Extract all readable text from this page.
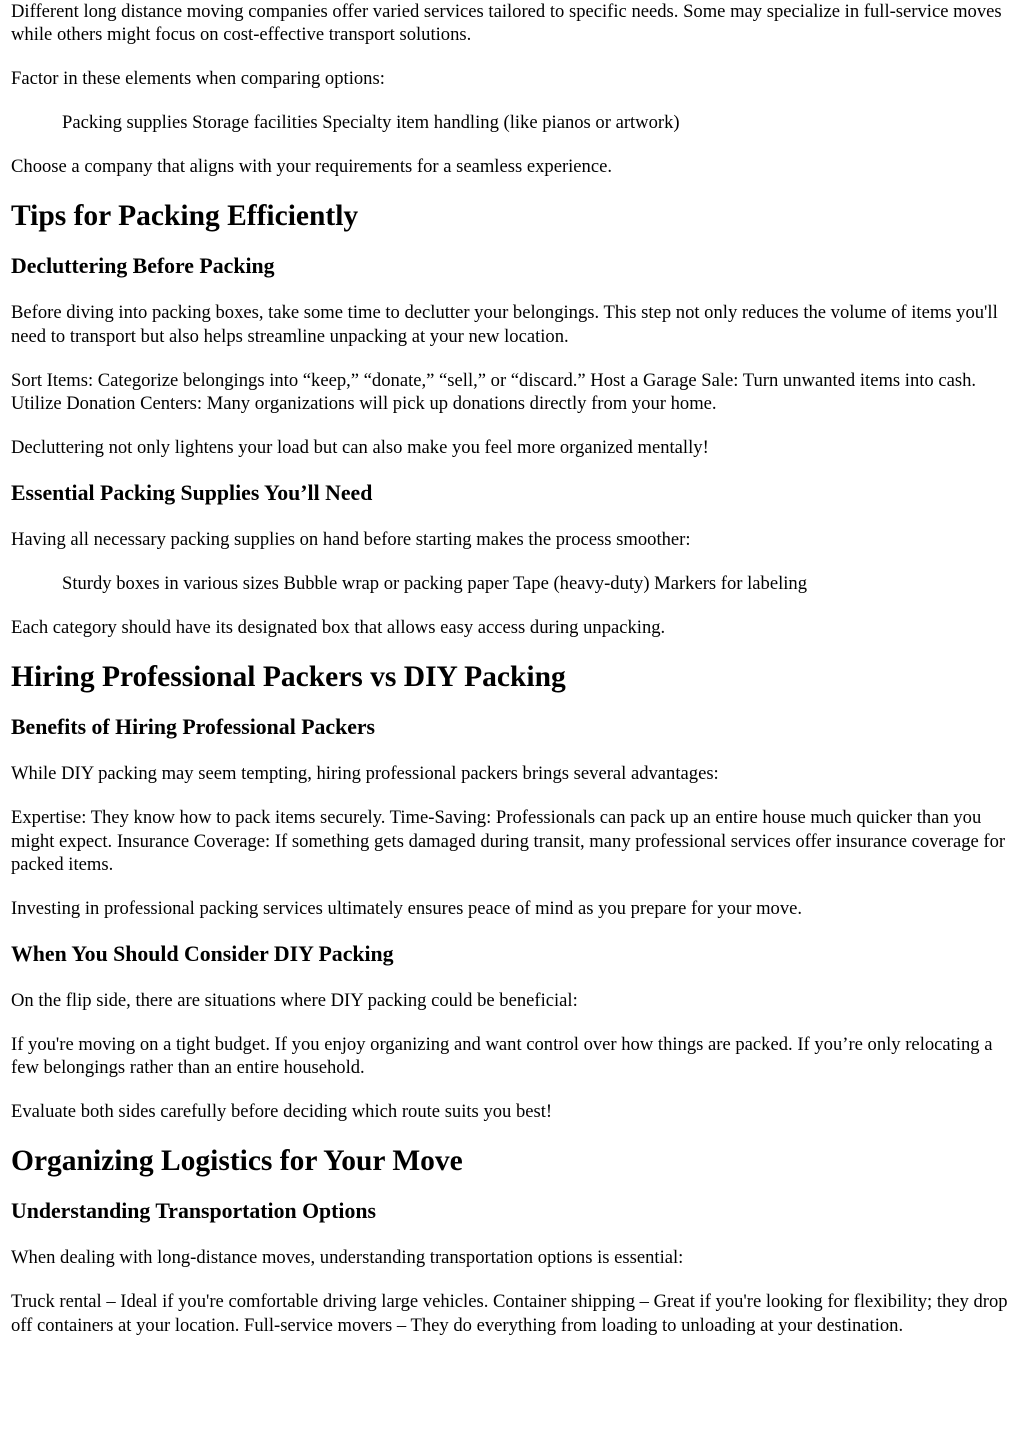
Different long distance moving companies offer varied services tailored to specific needs. Some may specialize in full-service moves while others might focus on cost-effective transport solutions.

Factor in these elements when comparing options:

Packing supplies Storage facilities Specialty item handling (like pianos or artwork)

Choose a company that aligns with your requirements for a seamless experience.

Tips for Packing Efficiently
Decluttering Before Packing

Before diving into packing boxes, take some time to declutter your belongings. This step not only reduces the volume of items you'll need to transport but also helps streamline unpacking at your new location.

Sort Items: Categorize belongings into “keep,” “donate,” “sell,” or “discard.” Host a Garage Sale: Turn unwanted items into cash. Utilize Donation Centers: Many organizations will pick up donations directly from your home.

Decluttering not only lightens your load but can also make you feel more organized mentally!

Essential Packing Supplies You’ll Need

Having all necessary packing supplies on hand before starting makes the process smoother:

Sturdy boxes in various sizes Bubble wrap or packing paper Tape (heavy-duty) Markers for labeling

Each category should have its designated box that allows easy access during unpacking.

Hiring Professional Packers vs DIY Packing
Benefits of Hiring Professional Packers

While DIY packing may seem tempting, hiring professional packers brings several advantages:

Expertise: They know how to pack items securely. Time-Saving: Professionals can pack up an entire house much quicker than you might expect. Insurance Coverage: If something gets damaged during transit, many professional services offer insurance coverage for packed items.

Investing in professional packing services ultimately ensures peace of mind as you prepare for your move.

When You Should Consider DIY Packing

On the flip side, there are situations where DIY packing could be beneficial:

If you're moving on a tight budget. If you enjoy organizing and want control over how things are packed. If you’re only relocating a few belongings rather than an entire household.

Evaluate both sides carefully before deciding which route suits you best!

Organizing Logistics for Your Move
Understanding Transportation Options

When dealing with long-distance moves, understanding transportation options is essential:

Truck rental – Ideal if you're comfortable driving large vehicles. Container shipping – Great if you're looking for flexibility; they drop off containers at your location. Full-service movers – They do everything from loading to unloading at your destination.
